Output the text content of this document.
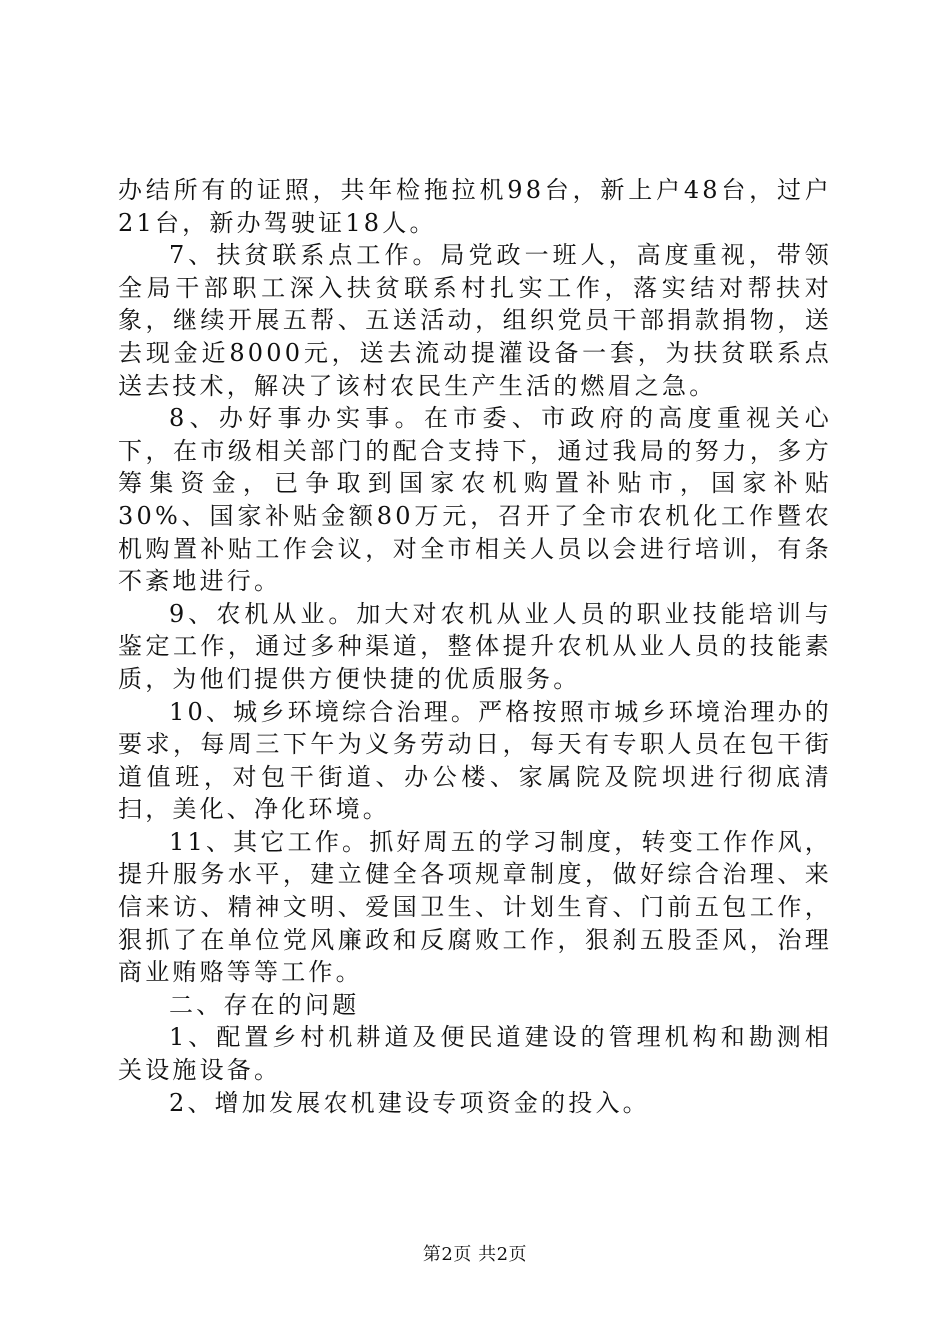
办结所有的证照，共年检拖拉机98台，新上户48台，过户21台，新办驾驶证18人。

7、扶贫联系点工作。局党政一班人，高度重视，带领全局干部职工深入扶贫联系村扎实工作，落实结对帮扶对象，继续开展五帮、五送活动，组织党员干部捐款捐物，送去现金近8000元，送去流动提灌设备一套，为扶贫联系点送去技术，解决了该村农民生产生活的燃眉之急。

8、办好事办实事。在市委、市政府的高度重视关心下，在市级相关部门的配合支持下，通过我局的努力，多方筹集资金，已争取到国家农机购置补贴市，国家补贴30%、国家补贴金额80万元，召开了全市农机化工作暨农机购置补贴工作会议，对全市相关人员以会进行培训，有条不紊地进行。

9、农机从业。加大对农机从业人员的职业技能培训与鉴定工作，通过多种渠道，整体提升农机从业人员的技能素质，为他们提供方便快捷的优质服务。

10、城乡环境综合治理。严格按照市城乡环境治理办的要求，每周三下午为义务劳动日，每天有专职人员在包干街道值班，对包干街道、办公楼、家属院及院坝进行彻底清扫，美化、净化环境。

11、其它工作。抓好周五的学习制度，转变工作作风，提升服务水平，建立健全各项规章制度，做好综合治理、来信来访、精神文明、爱国卫生、计划生育、门前五包工作，狠抓了在单位党风廉政和反腐败工作，狠刹五股歪风，治理商业贿赂等等工作。

二、存在的问题

1、配置乡村机耕道及便民道建设的管理机构和勘测相关设施设备。

2、增加发展农机建设专项资金的投入。

第2页 共2页
